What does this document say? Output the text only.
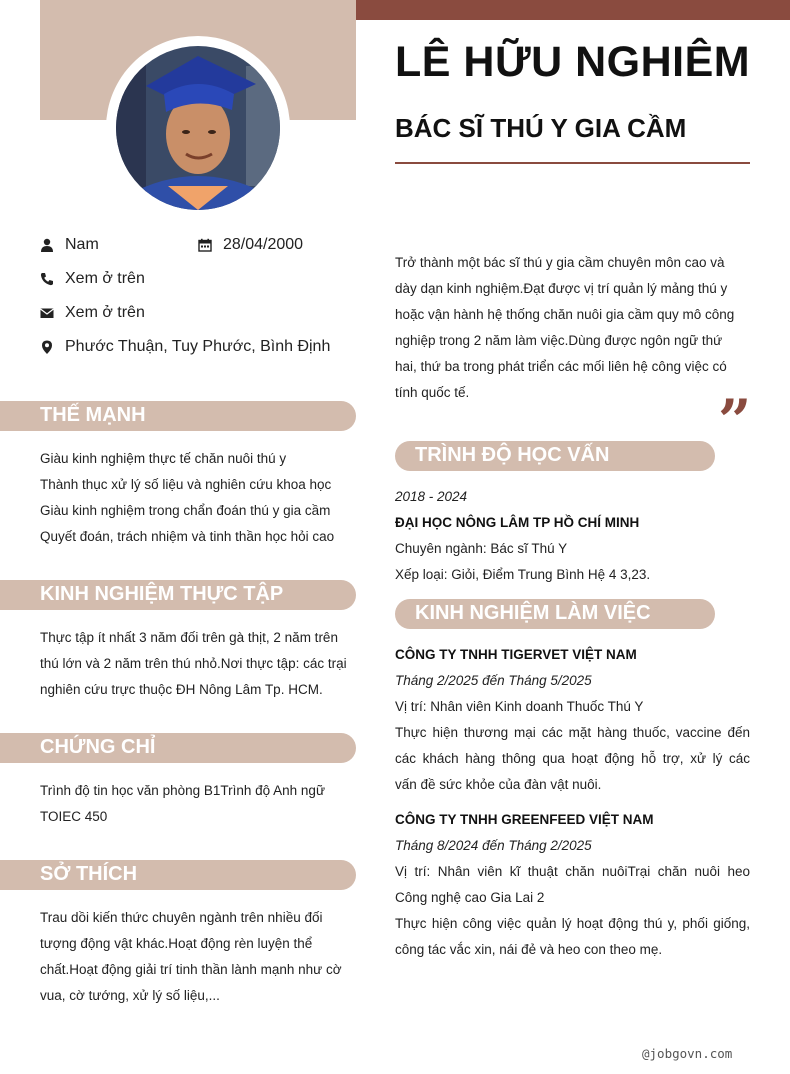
LÊ HỮU NGHIÊM
BÁC SĨ THÚ Y GIA CẦM
Nam	28/04/2000
Xem ở trên
Xem ở trên
Phước Thuận, Tuy Phước, Bình Định
THẾ MẠNH
Giàu kinh nghiệm thực tế chăn nuôi thú y
Thành thục xử lý số liệu và nghiên cứu khoa học
Giàu kinh nghiệm trong chẩn đoán thú y gia cầm
Quyết đoán, trách nhiệm và tinh thần học hỏi cao
KINH NGHIỆM THỰC TẬP
Thực tập ít nhất 3 năm đối trên gà thịt, 2 năm trên
thú lớn và 2 năm trên thú nhỏ.Nơi thực tập: các trại
nghiên cứu trực thuộc ĐH Nông Lâm Tp. HCM.
CHỨNG CHỈ
Trình độ tin học văn phòng B1Trình độ Anh ngữ
TOIEC 450
SỞ THÍCH
Trau dồi kiến thức chuyên ngành trên nhiều đối
tượng động vật khác.Hoạt động rèn luyện thể
chất.Hoạt động giải trí tinh thần lành mạnh như cờ
vua, cờ tướng, xử lý số liệu,...
Trở thành một bác sĩ thú y gia cầm chuyên môn cao và
dày dạn kinh nghiệm.Đạt được vị trí quản lý mảng thú y
hoặc vận hành hệ thống chăn nuôi gia cầm quy mô công
nghiệp trong 2 năm làm việc.Dùng được ngôn ngữ thứ
hai, thứ ba trong phát triển các mối liên hệ công việc có
tính quốc tế.	”
TRÌNH ĐỘ HỌC VẤN
2018 - 2024
ĐẠI HỌC NÔNG LÂM TP HỒ CHÍ MINH
Chuyên ngành: Bác sĩ Thú Y
Xếp loại: Giỏi, Điểm Trung Bình Hệ 4 3,23.
KINH NGHIỆM LÀM VIỆC
CÔNG TY TNHH TIGERVET VIỆT NAM
Tháng 2/2025 đến Tháng 5/2025
Vị trí: Nhân viên Kinh doanh Thuốc Thú Y
Thực hiện thương mại các mặt hàng thuốc, vaccine đến
các khách hàng thông qua hoạt động hỗ trợ, xử lý các
vấn đề sức khỏe của đàn vật nuôi.
CÔNG TY TNHH GREENFEED VIỆT NAM
Tháng 8/2024 đến Tháng 2/2025
Vị trí: Nhân viên kĩ thuật chăn nuôiTrại chăn nuôi heo
Công nghệ cao Gia Lai 2
Thực hiện công việc quản lý hoạt động thú y, phối giống,
công tác vắc xin, nái đẻ và heo con theo mẹ.
@jobgovn.com
